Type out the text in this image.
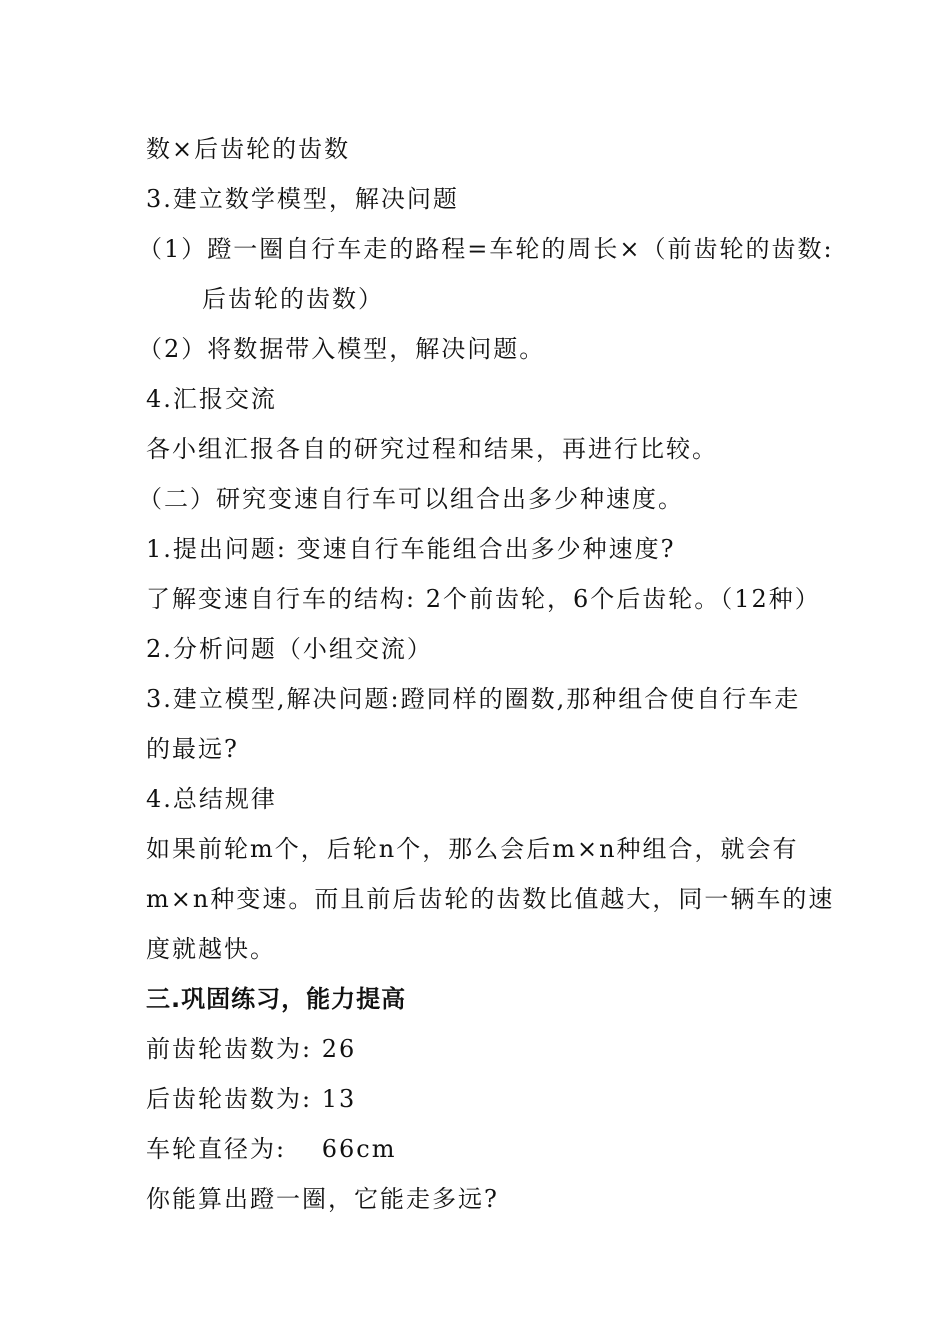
数×后齿轮的齿数
3.建立数学模型，解决问题
（1）蹬一圈自行车走的路程=车轮的周长×（前齿轮的齿数:
后齿轮的齿数）
（2）将数据带入模型，解决问题。
4.汇报交流
各小组汇报各自的研究过程和结果，再进行比较。
（二）研究变速自行车可以组合出多少种速度。
1.提出问题: 变速自行车能组合出多少种速度?
了解变速自行车的结构: 2个前齿轮，6个后齿轮。（12种）
2.分析问题（小组交流）
3.建立模型,解决问题:蹬同样的圈数,那种组合使自行车走
的最远?
4.总结规律
如果前轮m个，后轮n个，那么会后m×n种组合，就会有
m×n种变速。而且前后齿轮的齿数比值越大，同一辆车的速
度就越快。
三.巩固练习，能力提高
前齿轮齿数为: 26
后齿轮齿数为: 13
车轮直径为:　 66cm
你能算出蹬一圈，它能走多远?
